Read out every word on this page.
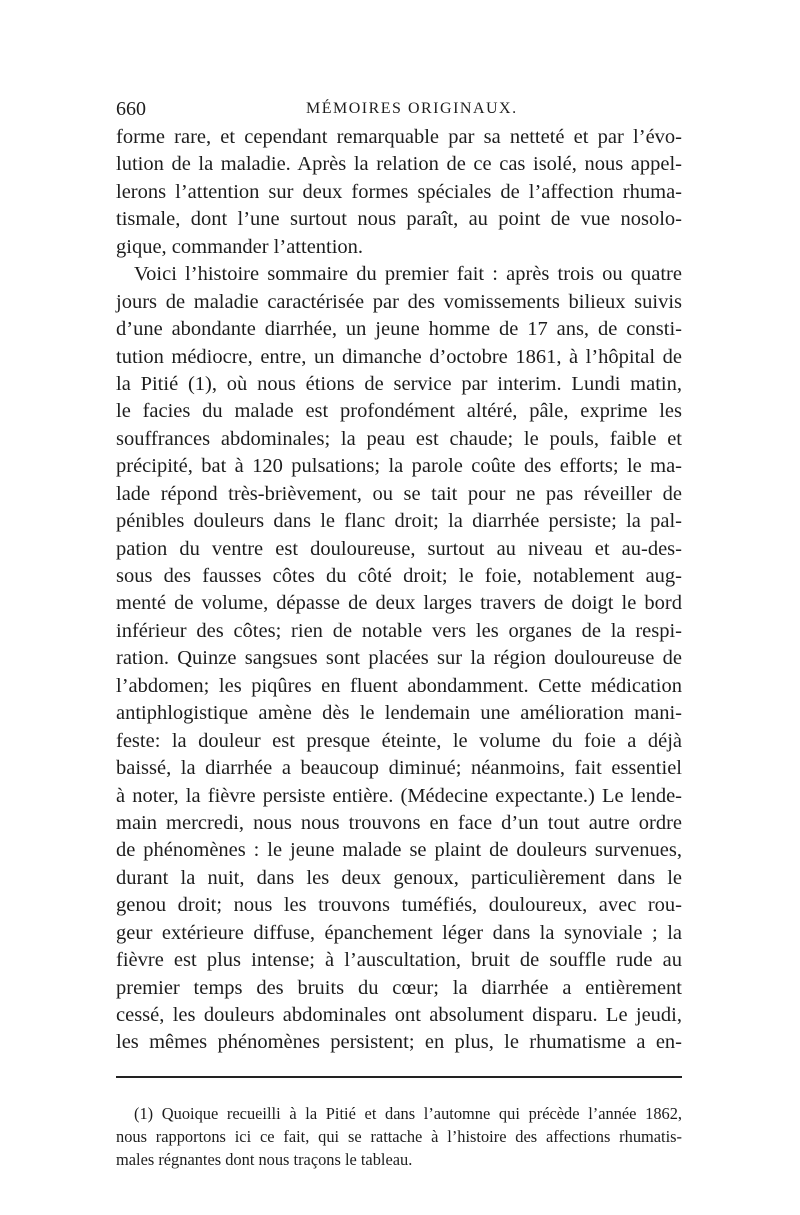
660	MÉMOIRES ORIGINAUX.
forme rare, et cependant remarquable par sa netteté et par l’évo-
lution de la maladie. Après la relation de ce cas isolé, nous appel-
lerons l’attention sur deux formes spéciales de l’affection rhuma-
tismale, dont l’une surtout nous paraît, au point de vue nosolo-
gique, commander l’attention.
Voici l’histoire sommaire du premier fait : après trois ou quatre
jours de maladie caractérisée par des vomissements bilieux suivis
d’une abondante diarrhée, un jeune homme de 17 ans, de consti-
tution médiocre, entre, un dimanche d’octobre 1861, à l’hôpital de
la Pitié (1), où nous étions de service par interim. Lundi matin,
le facies du malade est profondément altéré, pâle, exprime les
souffrances abdominales; la peau est chaude; le pouls, faible et
précipité, bat à 120 pulsations; la parole coûte des efforts; le ma-
lade répond très-brièvement, ou se tait pour ne pas réveiller de
pénibles douleurs dans le flanc droit; la diarrhée persiste; la pal-
pation du ventre est douloureuse, surtout au niveau et au-des-
sous des fausses côtes du côté droit; le foie, notablement aug-
menté de volume, dépasse de deux larges travers de doigt le bord
inférieur des côtes; rien de notable vers les organes de la respi-
ration. Quinze sangsues sont placées sur la région douloureuse de
l’abdomen; les piqûres en fluent abondamment. Cette médication
antiphlogistique amène dès le lendemain une amélioration mani-
feste: la douleur est presque éteinte, le volume du foie a déjà
baissé, la diarrhée a beaucoup diminué; néanmoins, fait essentiel
à noter, la fièvre persiste entière. (Médecine expectante.) Le lende-
main mercredi, nous nous trouvons en face d’un tout autre ordre
de phénomènes : le jeune malade se plaint de douleurs survenues,
durant la nuit, dans les deux genoux, particulièrement dans le
genou droit; nous les trouvons tuméfiés, douloureux, avec rou-
geur extérieure diffuse, épanchement léger dans la synoviale ; la
fièvre est plus intense; à l’auscultation, bruit de souffle rude au
premier temps des bruits du cœur; la diarrhée a entièrement
cessé, les douleurs abdominales ont absolument disparu. Le jeudi,
les mêmes phénomènes persistent; en plus, le rhumatisme a en-
(1) Quoique recueilli à la Pitié et dans l’automne qui précède l’année 1862,
nous rapportons ici ce fait, qui se rattache à l’histoire des affections rhumatis-
males régnantes dont nous traçons le tableau.
